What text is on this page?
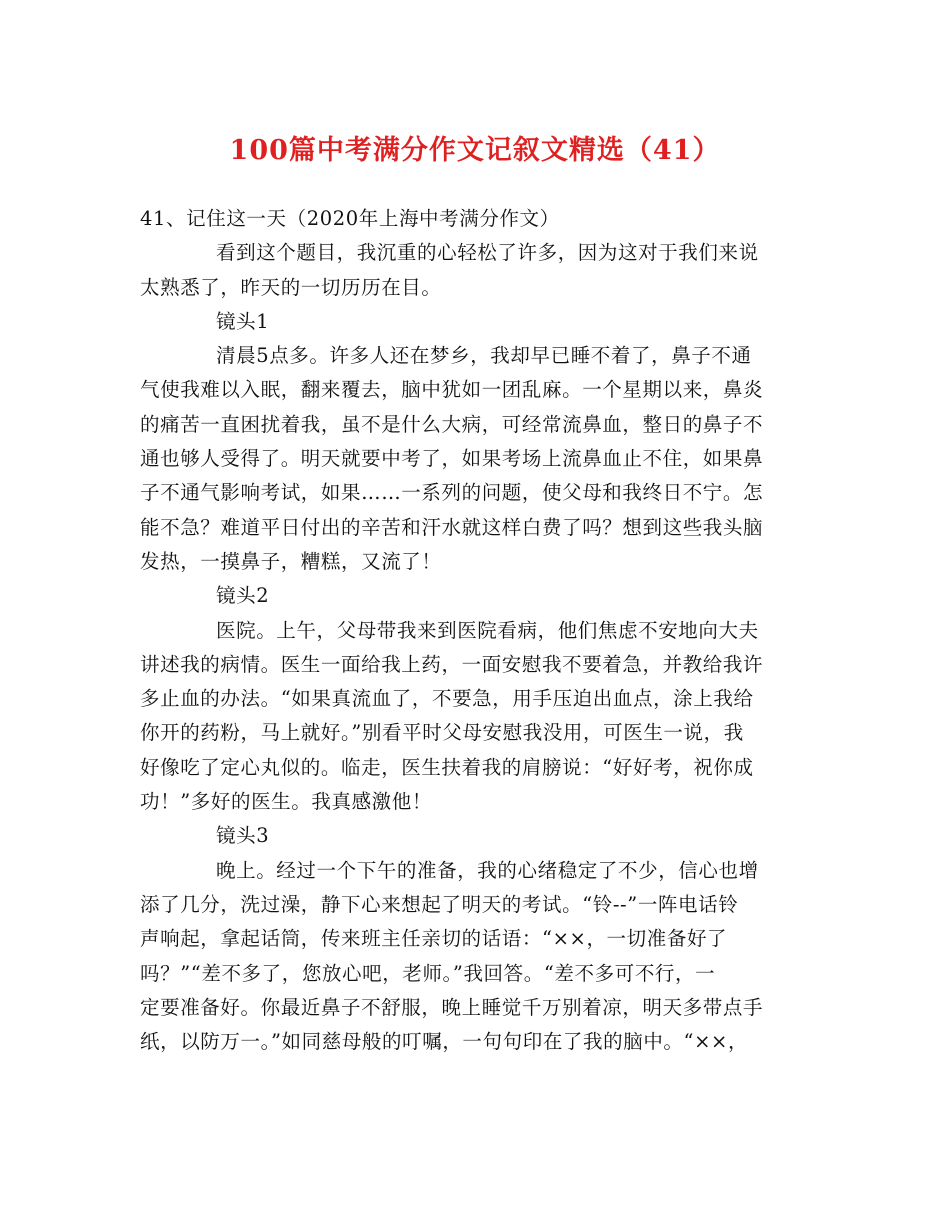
100篇中考满分作文记叙文精选（41）
41、记住这一天（2020年上海中考满分作文）
看到这个题目，我沉重的心轻松了许多，因为这对于我们来说
太熟悉了，昨天的一切历历在目。
镜头1
清晨5点多。许多人还在梦乡，我却早已睡不着了，鼻子不通
气使我难以入眠，翻来覆去，脑中犹如一团乱麻。一个星期以来，鼻炎
的痛苦一直困扰着我，虽不是什么大病，可经常流鼻血，整日的鼻子不
通也够人受得了。明天就要中考了，如果考场上流鼻血止不住，如果鼻
子不通气影响考试，如果……一系列的问题，使父母和我终日不宁。怎
能不急？难道平日付出的辛苦和汗水就这样白费了吗？想到这些我头脑
发热，一摸鼻子，糟糕，又流了！
镜头2
医院。上午，父母带我来到医院看病，他们焦虑不安地向大夫
讲述我的病情。医生一面给我上药，一面安慰我不要着急，并教给我许
多止血的办法。“如果真流血了，不要急，用手压迫出血点，涂上我给
你开的药粉，马上就好。”别看平时父母安慰我没用，可医生一说，我
好像吃了定心丸似的。临走，医生扶着我的肩膀说：“好好考，祝你成
功！”多好的医生。我真感激他！
镜头3
晚上。经过一个下午的准备，我的心绪稳定了不少，信心也增
添了几分，洗过澡，静下心来想起了明天的考试。“铃--”一阵电话铃
声响起，拿起话筒，传来班主任亲切的话语：“××，一切准备好了
吗？”“差不多了，您放心吧，老师。”我回答。“差不多可不行，一
定要准备好。你最近鼻子不舒服，晚上睡觉千万别着凉，明天多带点手
纸，以防万一。”如同慈母般的叮嘱，一句句印在了我的脑中。“××，
